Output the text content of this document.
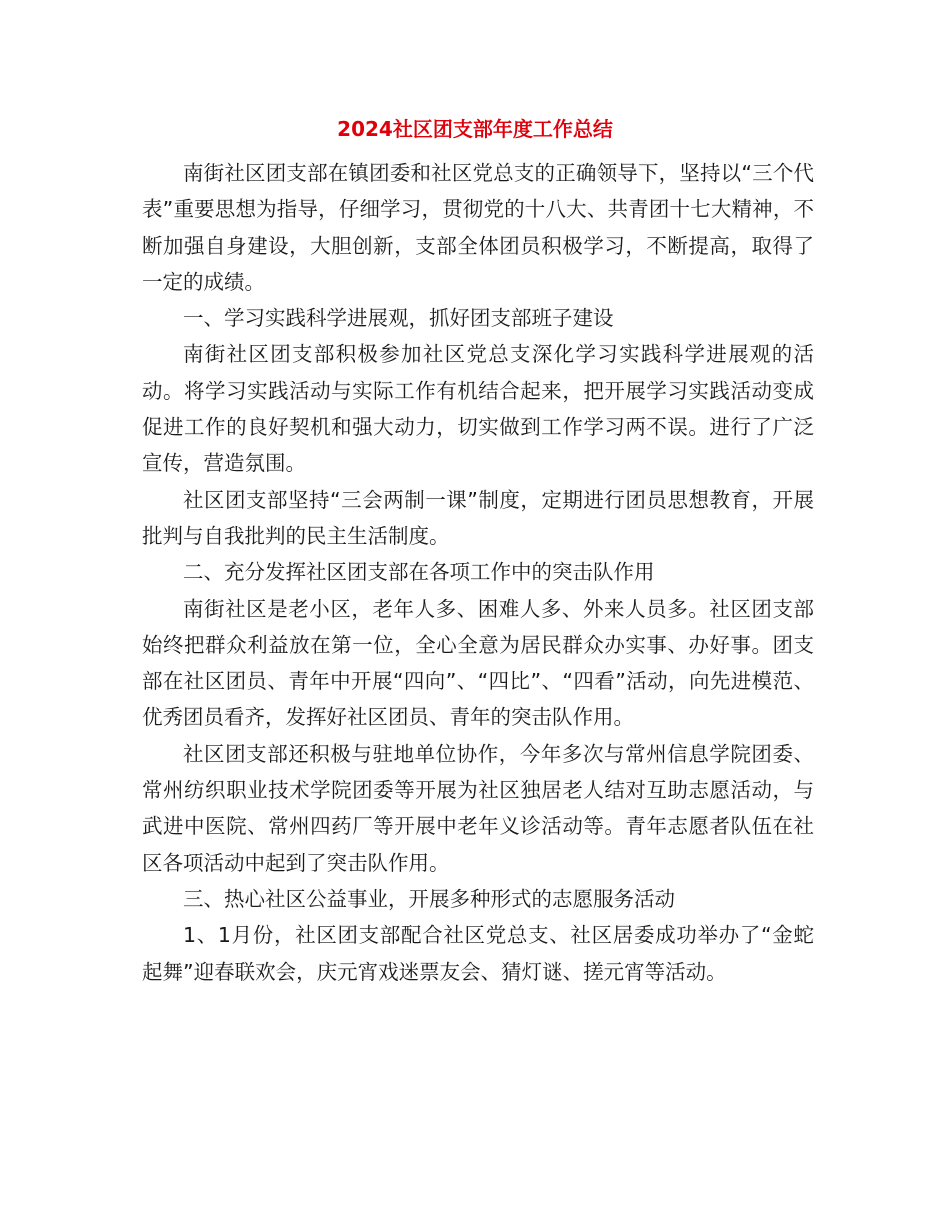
2024社区团支部年度工作总结

南街社区团支部在镇团委和社区党总支的正确领导下，坚持以“三个代表”重要思想为指导，仔细学习，贯彻党的十八大、共青团十七大精神，不断加强自身建设，大胆创新，支部全体团员积极学习，不断提高，取得了一定的成绩。

一、学习实践科学进展观，抓好团支部班子建设

南街社区团支部积极参加社区党总支深化学习实践科学进展观的活动。将学习实践活动与实际工作有机结合起来，把开展学习实践活动变成促进工作的良好契机和强大动力，切实做到工作学习两不误。进行了广泛宣传，营造氛围。

社区团支部坚持“三会两制一课”制度，定期进行团员思想教育，开展批判与自我批判的民主生活制度。

二、充分发挥社区团支部在各项工作中的突击队作用

南街社区是老小区，老年人多、困难人多、外来人员多。社区团支部始终把群众利益放在第一位，全心全意为居民群众办实事、办好事。团支部在社区团员、青年中开展“四向”、“四比”、“四看”活动，向先进模范、优秀团员看齐，发挥好社区团员、青年的突击队作用。

社区团支部还积极与驻地单位协作，今年多次与常州信息学院团委、常州纺织职业技术学院团委等开展为社区独居老人结对互助志愿活动，与武进中医院、常州四药厂等开展中老年义诊活动等。青年志愿者队伍在社区各项活动中起到了突击队作用。

三、热心社区公益事业，开展多种形式的志愿服务活动

1、1月份，社区团支部配合社区党总支、社区居委成功举办了“金蛇起舞”迎春联欢会，庆元宵戏迷票友会、猜灯谜、搓元宵等活动。
